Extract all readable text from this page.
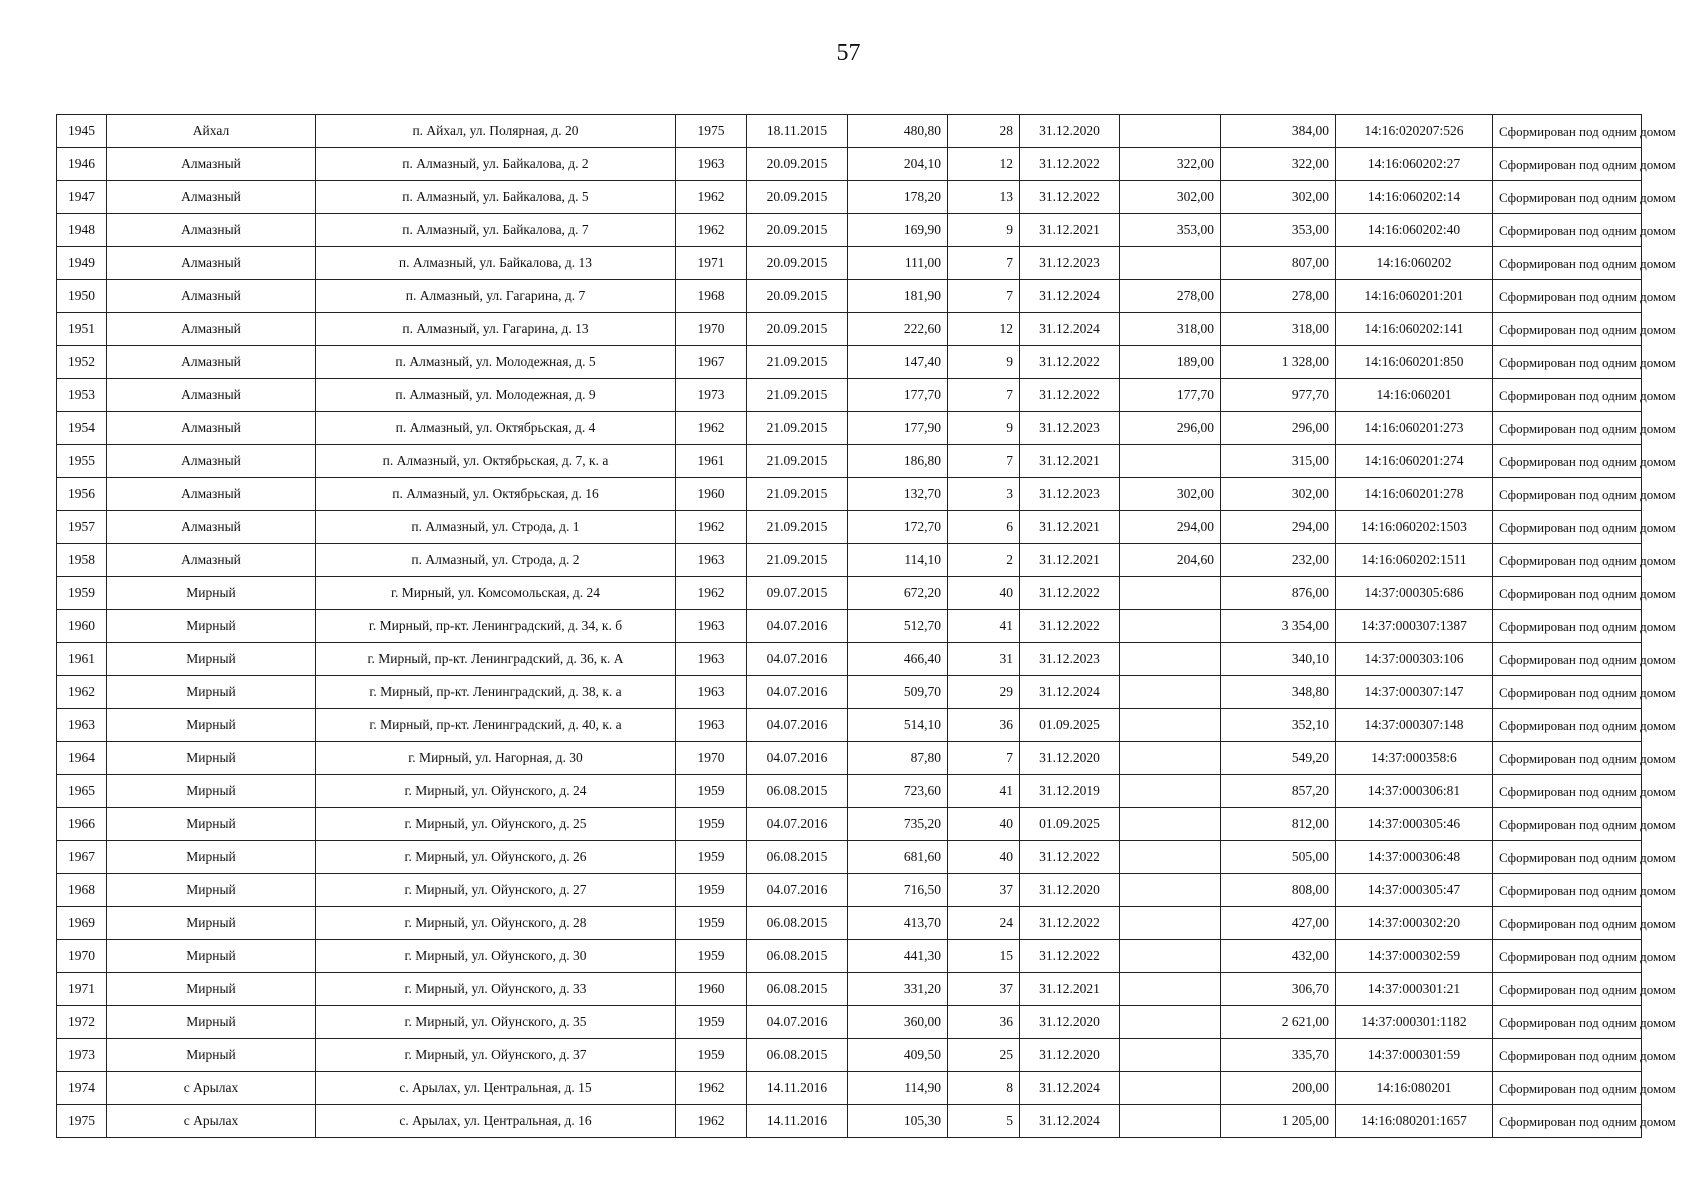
57
1945	Айхал	п. Айхал, ул. Полярная, д. 20	1975	18.11.2015	480,80	28	31.12.2020		384,00	14:16:020207:526	Сформирован под одним домом
1946	Алмазный	п. Алмазный, ул. Байкалова, д. 2	1963	20.09.2015	204,10	12	31.12.2022	322,00	322,00	14:16:060202:27	Сформирован под одним домом
1947	Алмазный	п. Алмазный, ул. Байкалова, д. 5	1962	20.09.2015	178,20	13	31.12.2022	302,00	302,00	14:16:060202:14	Сформирован под одним домом
1948	Алмазный	п. Алмазный, ул. Байкалова, д. 7	1962	20.09.2015	169,90	9	31.12.2021	353,00	353,00	14:16:060202:40	Сформирован под одним домом
1949	Алмазный	п. Алмазный, ул. Байкалова, д. 13	1971	20.09.2015	111,00	7	31.12.2023		807,00	14:16:060202	Сформирован под одним домом
1950	Алмазный	п. Алмазный, ул. Гагарина, д. 7	1968	20.09.2015	181,90	7	31.12.2024	278,00	278,00	14:16:060201:201	Сформирован под одним домом
1951	Алмазный	п. Алмазный, ул. Гагарина, д. 13	1970	20.09.2015	222,60	12	31.12.2024	318,00	318,00	14:16:060202:141	Сформирован под одним домом
1952	Алмазный	п. Алмазный, ул. Молодежная, д. 5	1967	21.09.2015	147,40	9	31.12.2022	189,00	1 328,00	14:16:060201:850	Сформирован под одним домом
1953	Алмазный	п. Алмазный, ул. Молодежная, д. 9	1973	21.09.2015	177,70	7	31.12.2022	177,70	977,70	14:16:060201	Сформирован под одним домом
1954	Алмазный	п. Алмазный, ул. Октябрьская, д. 4	1962	21.09.2015	177,90	9	31.12.2023	296,00	296,00	14:16:060201:273	Сформирован под одним домом
1955	Алмазный	п. Алмазный, ул. Октябрьская, д. 7, к. а	1961	21.09.2015	186,80	7	31.12.2021		315,00	14:16:060201:274	Сформирован под одним домом
1956	Алмазный	п. Алмазный, ул. Октябрьская, д. 16	1960	21.09.2015	132,70	3	31.12.2023	302,00	302,00	14:16:060201:278	Сформирован под одним домом
1957	Алмазный	п. Алмазный, ул. Строда, д. 1	1962	21.09.2015	172,70	6	31.12.2021	294,00	294,00	14:16:060202:1503	Сформирован под одним домом
1958	Алмазный	п. Алмазный, ул. Строда, д. 2	1963	21.09.2015	114,10	2	31.12.2021	204,60	232,00	14:16:060202:1511	Сформирован под одним домом
1959	Мирный	г. Мирный, ул. Комсомольская, д. 24	1962	09.07.2015	672,20	40	31.12.2022		876,00	14:37:000305:686	Сформирован под одним домом
1960	Мирный	г. Мирный, пр-кт. Ленинградский, д. 34, к. б	1963	04.07.2016	512,70	41	31.12.2022		3 354,00	14:37:000307:1387	Сформирован под одним домом
1961	Мирный	г. Мирный, пр-кт. Ленинградский, д. 36, к. А	1963	04.07.2016	466,40	31	31.12.2023		340,10	14:37:000303:106	Сформирован под одним домом
1962	Мирный	г. Мирный, пр-кт. Ленинградский, д. 38, к. а	1963	04.07.2016	509,70	29	31.12.2024		348,80	14:37:000307:147	Сформирован под одним домом
1963	Мирный	г. Мирный, пр-кт. Ленинградский, д. 40, к. а	1963	04.07.2016	514,10	36	01.09.2025		352,10	14:37:000307:148	Сформирован под одним домом
1964	Мирный	г. Мирный, ул. Нагорная, д. 30	1970	04.07.2016	87,80	7	31.12.2020		549,20	14:37:000358:6	Сформирован под одним домом
1965	Мирный	г. Мирный, ул. Ойунского, д. 24	1959	06.08.2015	723,60	41	31.12.2019		857,20	14:37:000306:81	Сформирован под одним домом
1966	Мирный	г. Мирный, ул. Ойунского, д. 25	1959	04.07.2016	735,20	40	01.09.2025		812,00	14:37:000305:46	Сформирован под одним домом
1967	Мирный	г. Мирный, ул. Ойунского, д. 26	1959	06.08.2015	681,60	40	31.12.2022		505,00	14:37:000306:48	Сформирован под одним домом
1968	Мирный	г. Мирный, ул. Ойунского, д. 27	1959	04.07.2016	716,50	37	31.12.2020		808,00	14:37:000305:47	Сформирован под одним домом
1969	Мирный	г. Мирный, ул. Ойунского, д. 28	1959	06.08.2015	413,70	24	31.12.2022		427,00	14:37:000302:20	Сформирован под одним домом
1970	Мирный	г. Мирный, ул. Ойунского, д. 30	1959	06.08.2015	441,30	15	31.12.2022		432,00	14:37:000302:59	Сформирован под одним домом
1971	Мирный	г. Мирный, ул. Ойунского, д. 33	1960	06.08.2015	331,20	37	31.12.2021		306,70	14:37:000301:21	Сформирован под одним домом
1972	Мирный	г. Мирный, ул. Ойунского, д. 35	1959	04.07.2016	360,00	36	31.12.2020		2 621,00	14:37:000301:1182	Сформирован под одним домом
1973	Мирный	г. Мирный, ул. Ойунского, д. 37	1959	06.08.2015	409,50	25	31.12.2020		335,70	14:37:000301:59	Сформирован под одним домом
1974	с Арылах	с. Арылах, ул. Центральная, д. 15	1962	14.11.2016	114,90	8	31.12.2024		200,00	14:16:080201	Сформирован под одним домом
1975	с Арылах	с. Арылах, ул. Центральная, д. 16	1962	14.11.2016	105,30	5	31.12.2024		1 205,00	14:16:080201:1657	Сформирован под одним домом
